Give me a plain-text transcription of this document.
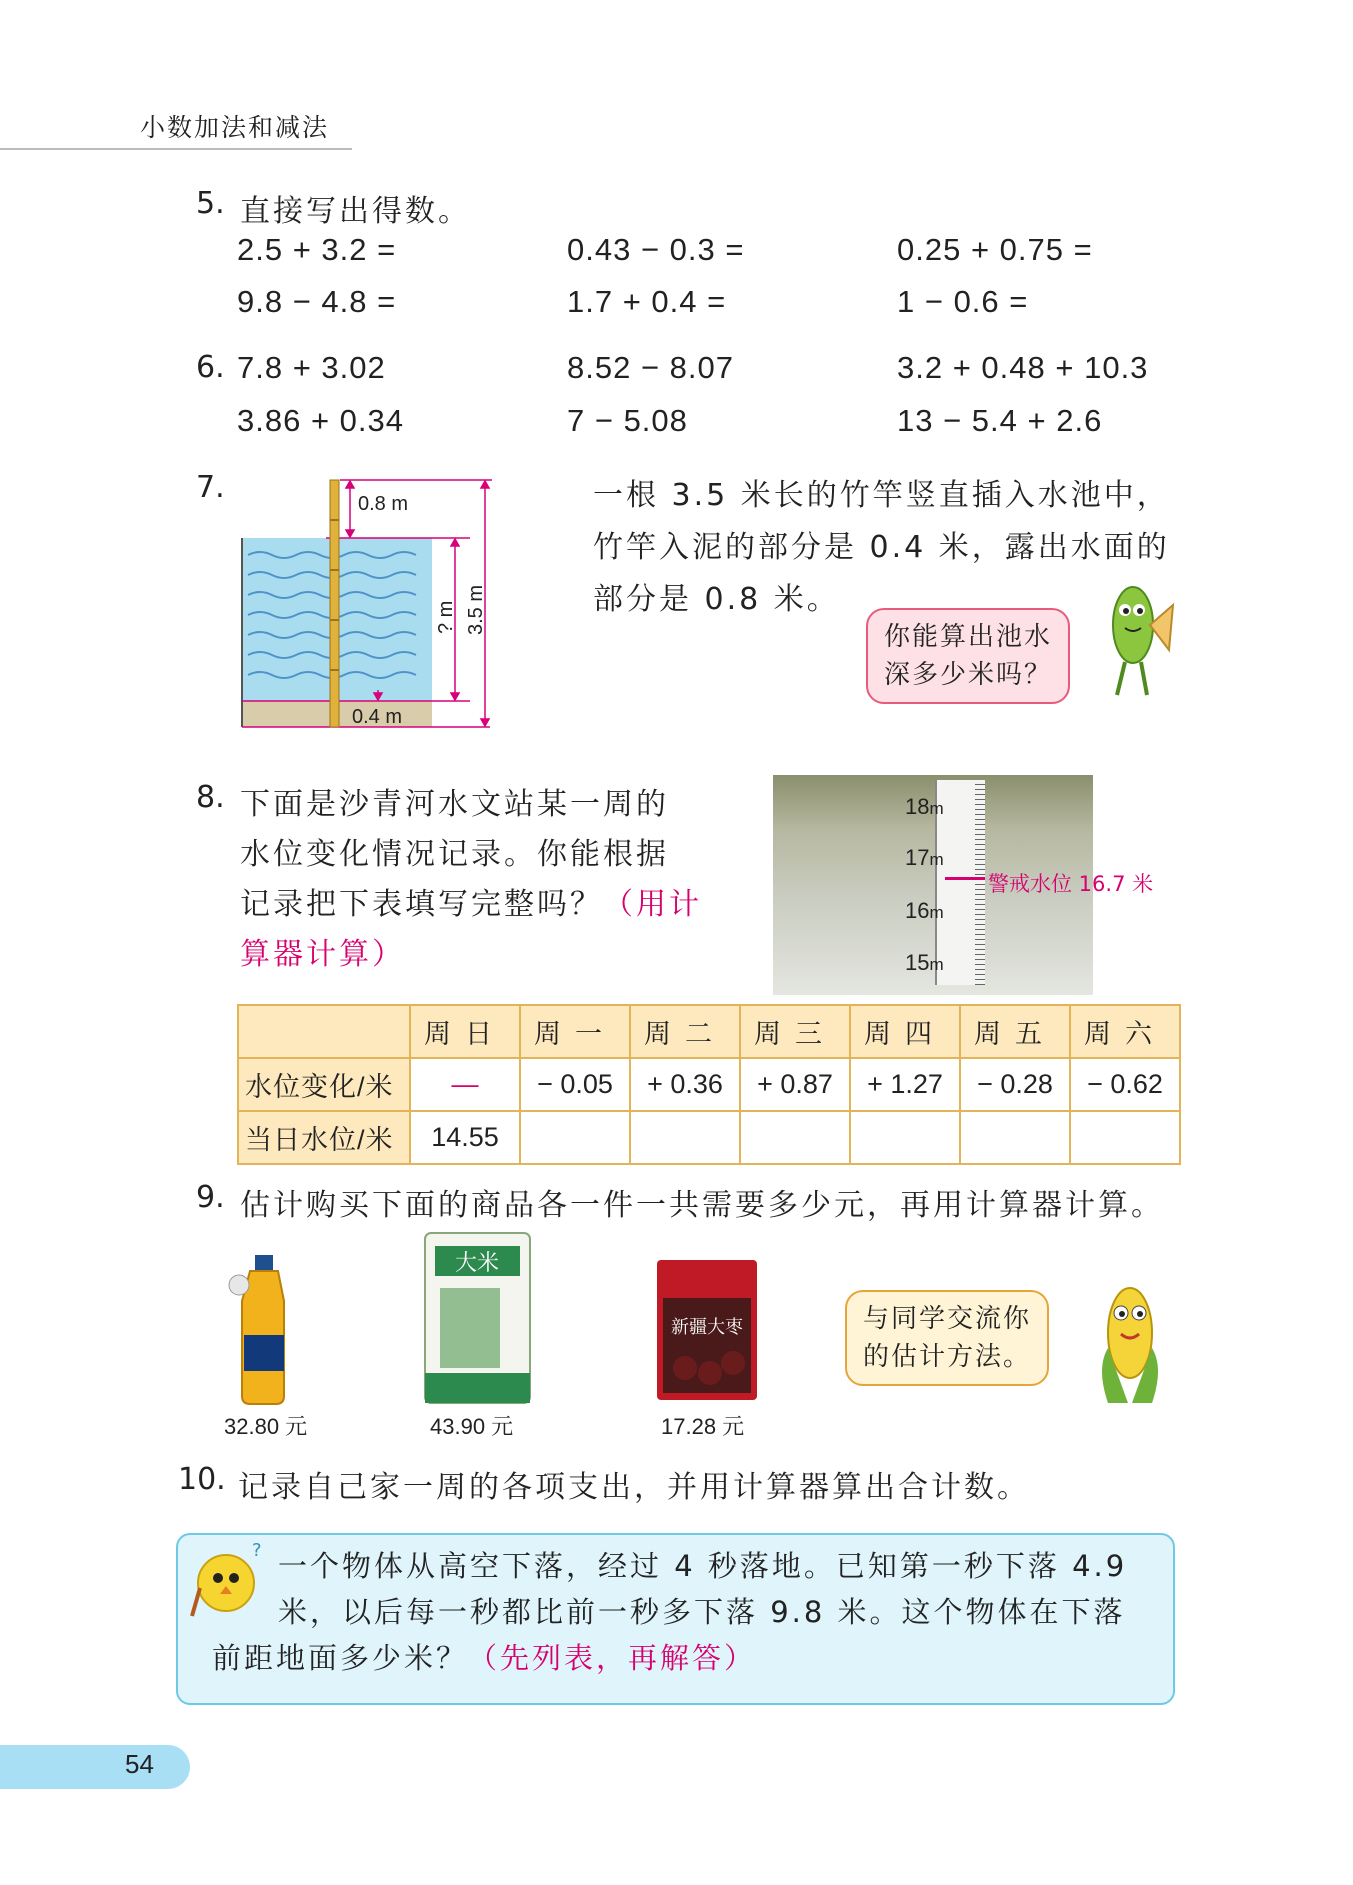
小数加法和减法
5. 直接写出得数。
2.5 + 3.2 =	0.43 − 0.3 =	0.25 + 0.75 =
9.8 − 4.8 =	1.7 + 0.4 =	1 − 0.6 =
6. 7.8 + 3.02	8.52 − 8.07	3.2 + 0.48 + 10.3
3.86 + 0.34	7 − 5.08	13 − 5.4 + 2.6
7.	0.8 m
0.4 m
? m 3.5 m
一根 3.5 米长的竹竿竖直插入水池中，
竹竿入泥的部分是 0.4 米，露出水面的
部分是 0.8 米。
你能算出池水
深多少米吗？
8. 下面是沙青河水文站某一周的
水位变化情况记录。你能根据
记录把下表填写完整吗？（用计
算器计算）
18m
17m
16m
15m
警戒水位 16.7 米
	周日	周一	周二	周三	周四	周五	周六
水位变化/米	—	− 0.05	+ 0.36	+ 0.87	+ 1.27	− 0.28	− 0.62
当日水位/米	14.55						
9. 估计购买下面的商品各一件一共需要多少元，再用计算器计算。
32.80 元
大米
43.90 元
新疆大枣
17.28 元
与同学交流你
的估计方法。
10. 记录自己家一周的各项支出，并用计算器算出合计数。
? 一个物体从高空下落，经过 4 秒落地。已知第一秒下落 4.9
米，以后每一秒都比前一秒多下落 9.8 米。这个物体在下落
前距地面多少米？（先列表，再解答）
54
